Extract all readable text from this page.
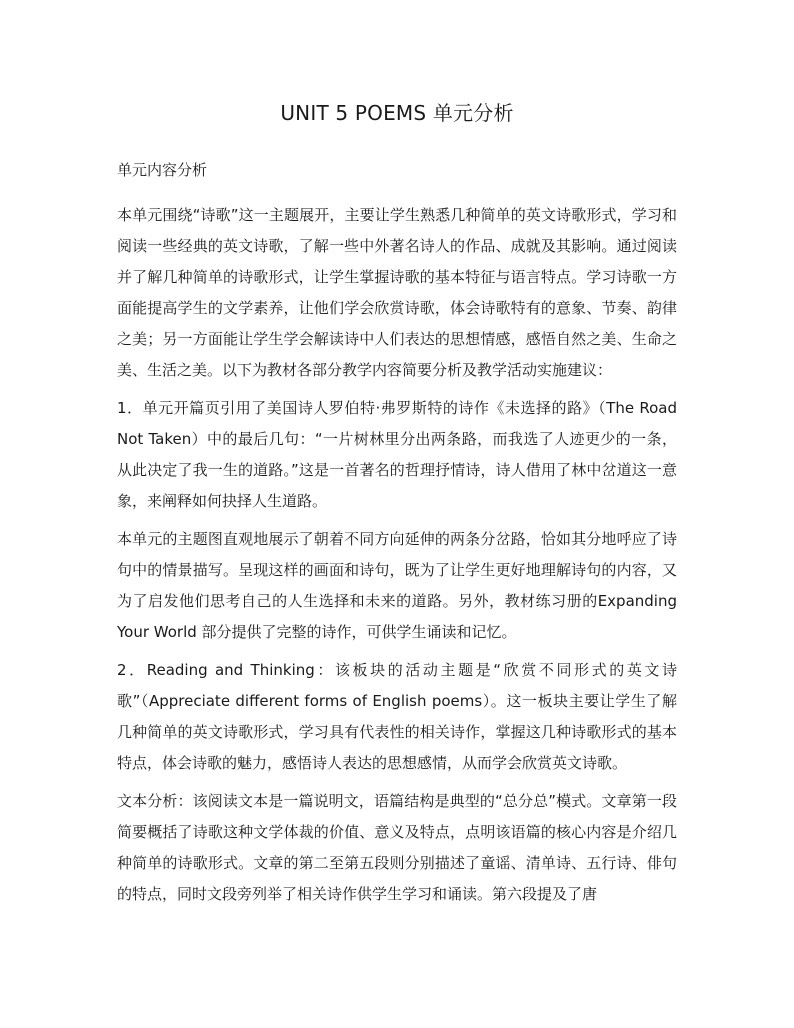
UNIT 5 POEMS 单元分析
单元内容分析

本单元围绕“诗歌”这一主题展开，主要让学生熟悉几种简单的英文诗歌形式，学习和阅读一些经典的英文诗歌，了解一些中外著名诗人的作品、成就及其影响。通过阅读并了解几种简单的诗歌形式，让学生掌握诗歌的基本特征与语言特点。学习诗歌一方面能提高学生的文学素养，让他们学会欣赏诗歌，体会诗歌特有的意象、节奏、韵律之美；另一方面能让学生学会解读诗中人们表达的思想情感，感悟自然之美、生命之美、生活之美。以下为教材各部分教学内容简要分析及教学活动实施建议：

1．单元开篇页引用了美国诗人罗伯特·弗罗斯特的诗作《未选择的路》（The Road Not Taken）中的最后几句：“一片树林里分出两条路，而我选了人迹更少的一条，从此决定了我一生的道路。”这是一首著名的哲理抒情诗，诗人借用了林中岔道这一意象，来阐释如何抉择人生道路。

本单元的主题图直观地展示了朝着不同方向延伸的两条分岔路，恰如其分地呼应了诗句中的情景描写。呈现这样的画面和诗句，既为了让学生更好地理解诗句的内容，又为了启发他们思考自己的人生选择和未来的道路。另外，教材练习册的Expanding Your World 部分提供了完整的诗作，可供学生诵读和记忆。

2．Reading and Thinking：该板块的活动主题是“欣赏不同形式的英文诗歌”（Appreciate different forms of English poems）。这一板块主要让学生了解几种简单的英文诗歌形式，学习具有代表性的相关诗作，掌握这几种诗歌形式的基本特点，体会诗歌的魅力，感悟诗人表达的思想感情，从而学会欣赏英文诗歌。

文本分析：该阅读文本是一篇说明文，语篇结构是典型的“总分总”模式。文章第一段简要概括了诗歌这种文学体裁的价值、意义及特点，点明该语篇的核心内容是介绍几种简单的诗歌形式。文章的第二至第五段则分别描述了童谣、清单诗、五行诗、俳句的特点，同时文段旁列举了相关诗作供学生学习和诵读。第六段提及了唐
